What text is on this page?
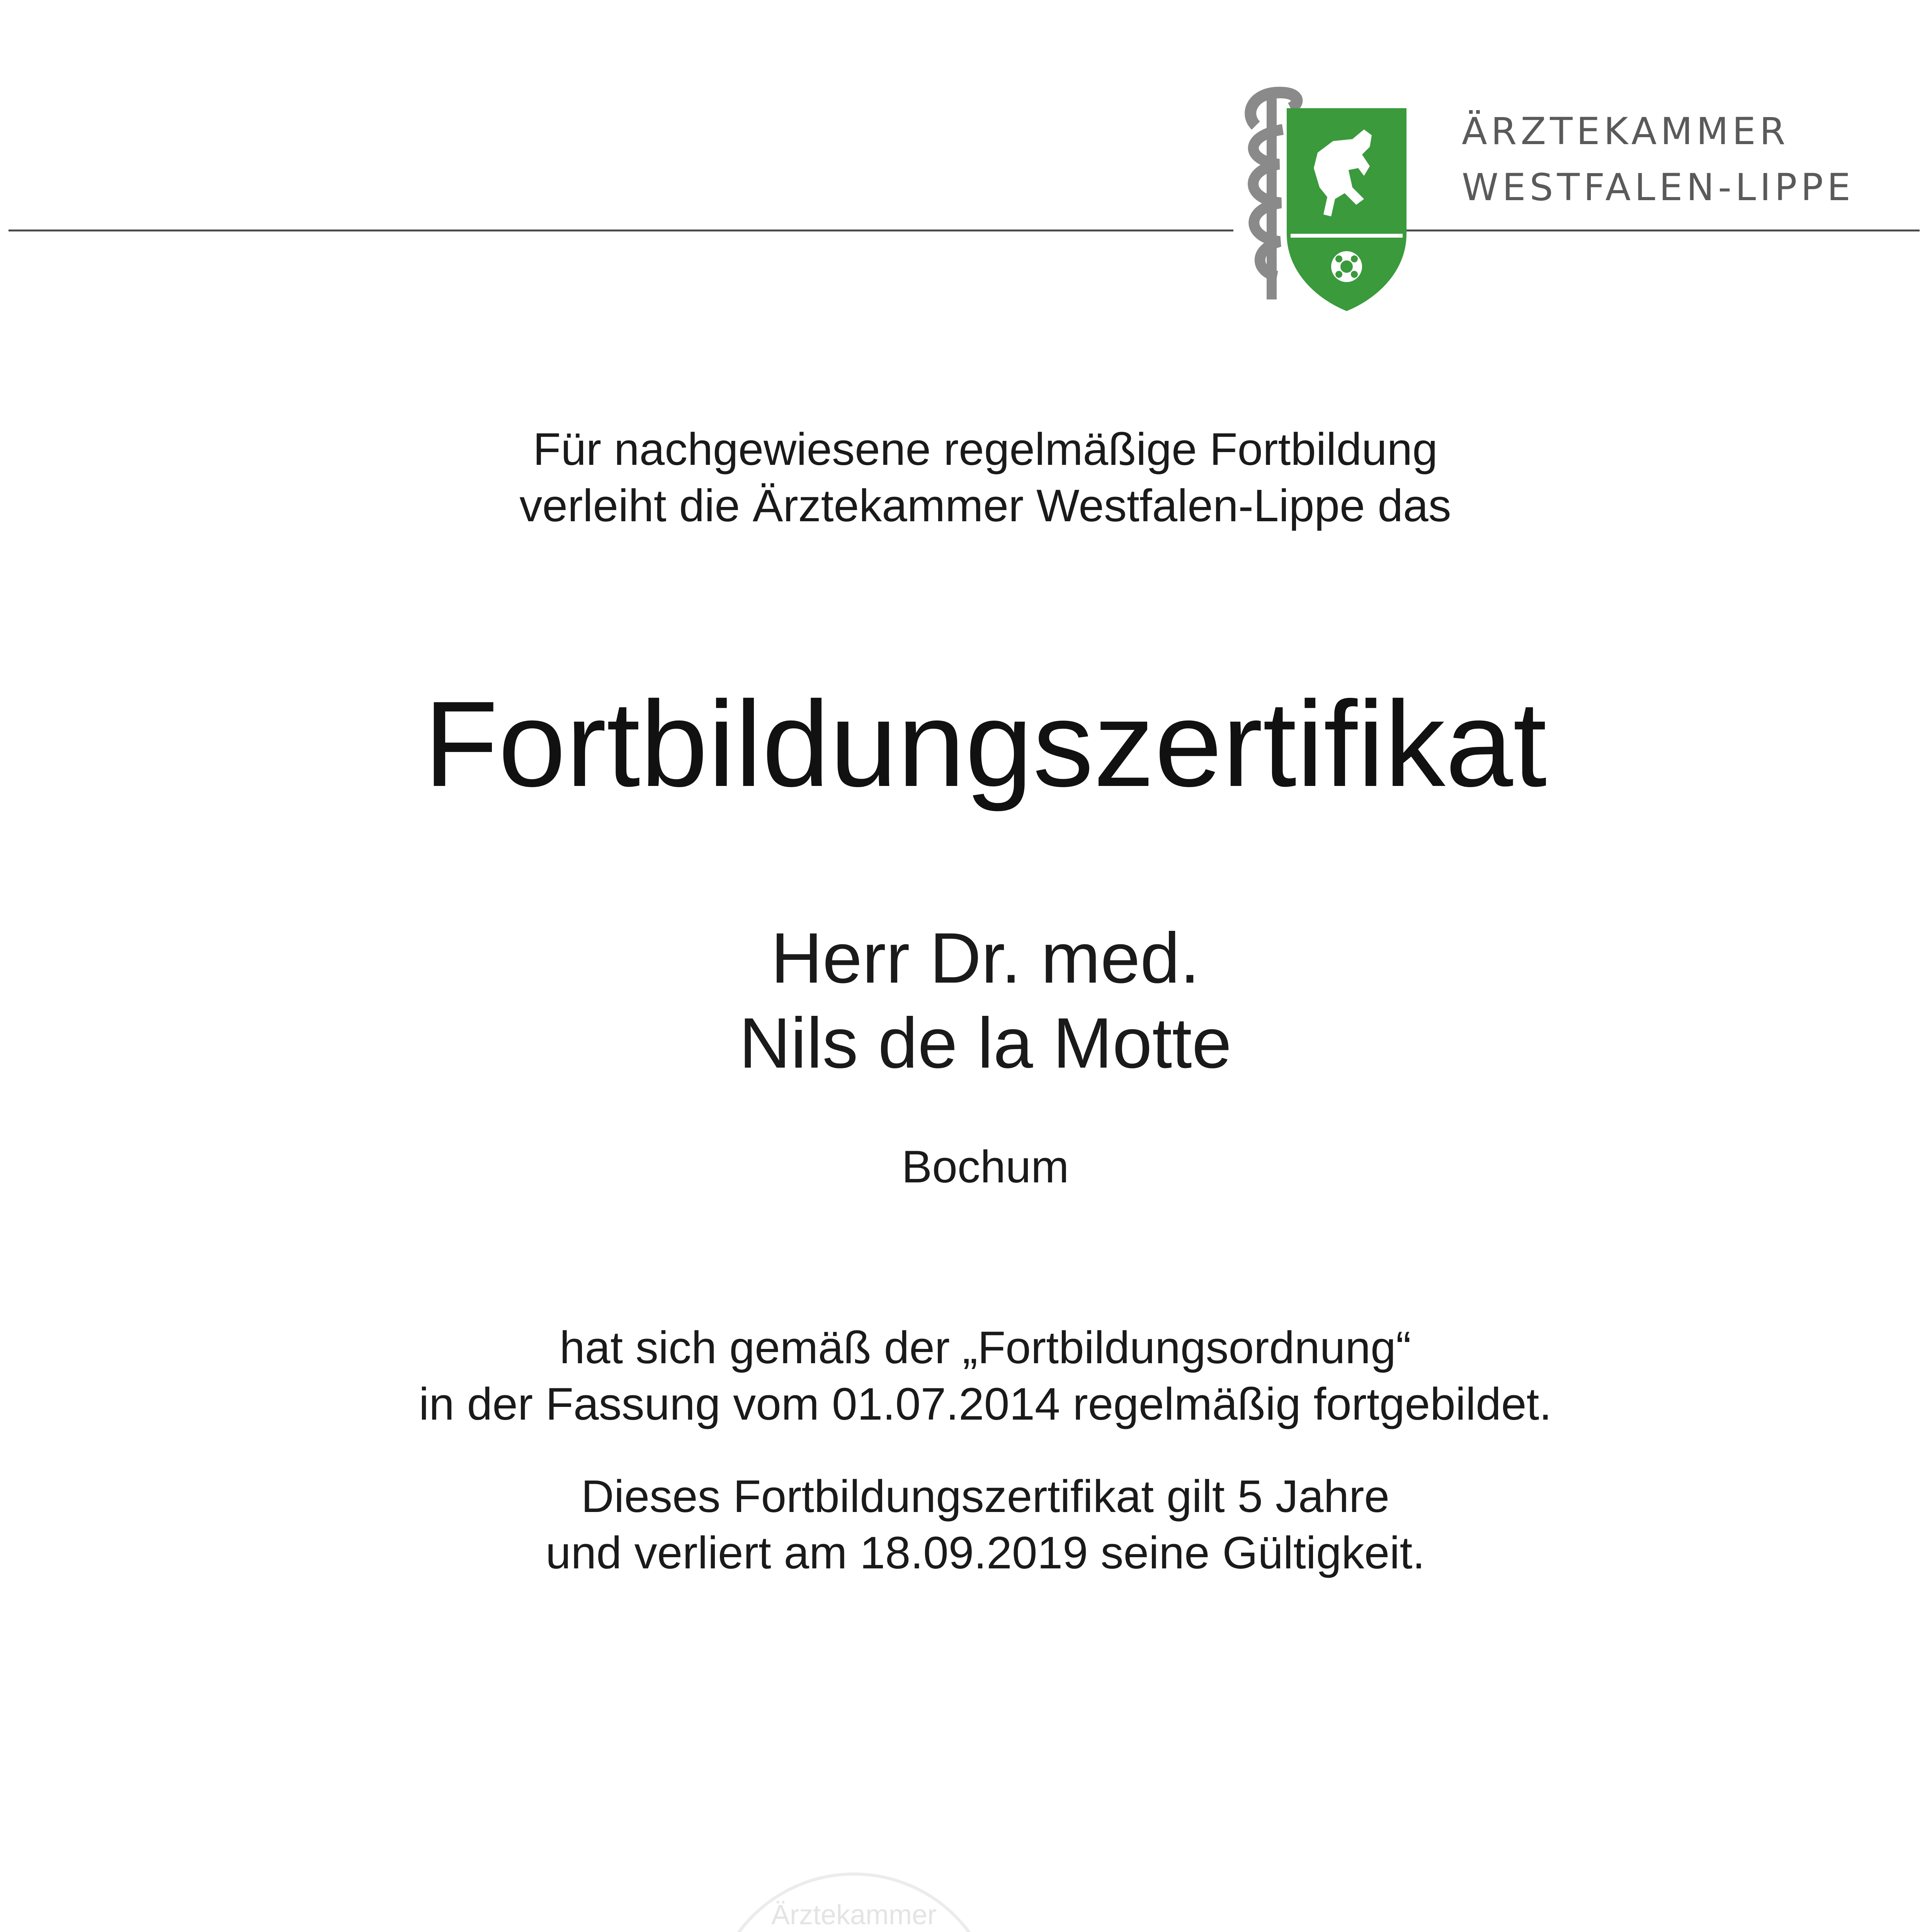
ÄRZTEKAMMER
WESTFALEN-LIPPE
Für nachgewiesene regelmäßige Fortbildung
verleiht die Ärztekammer Westfalen-Lippe das
Fortbildungszertifikat
Herr Dr. med.
Nils de la Motte
Bochum
hat sich gemäß der „Fortbildungsordnung“
in der Fassung vom 01.07.2014 regelmäßig fortgebildet.
Dieses Fortbildungszertifikat gilt 5 Jahre
und verliert am 18.09.2019 seine Gültigkeit.
Ärztekammer
